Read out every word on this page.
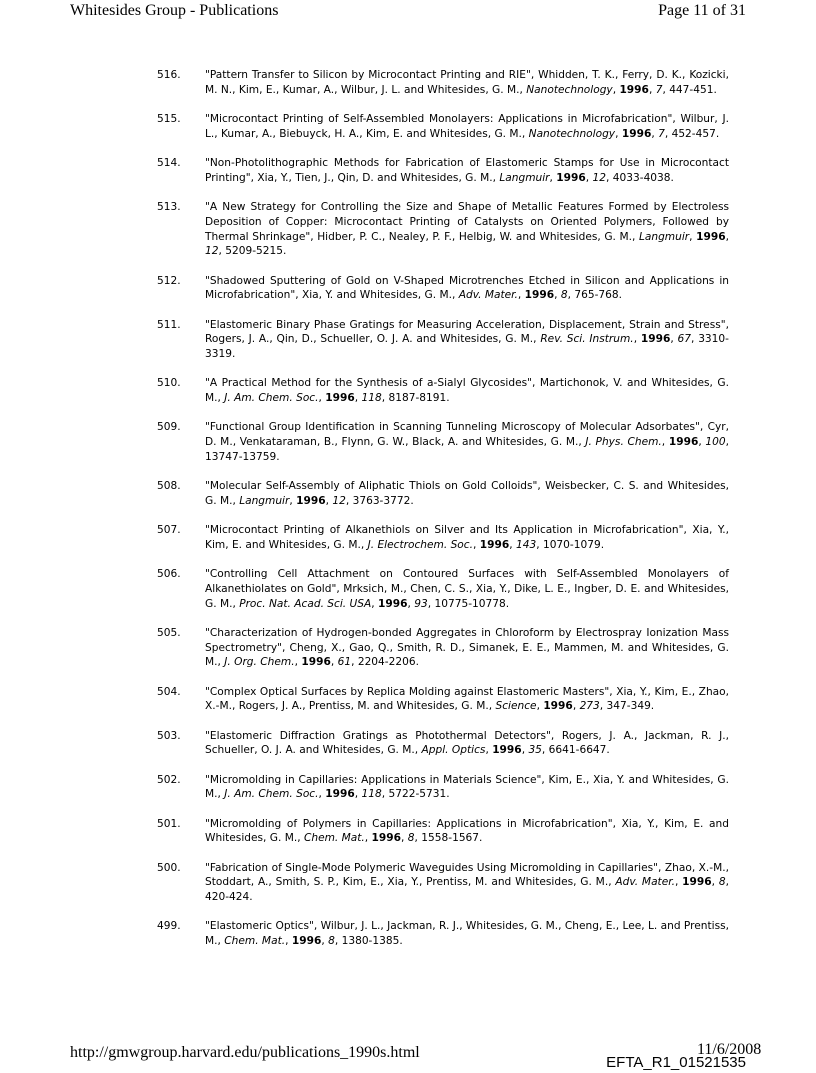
Whitesides Group - Publications	Page 11 of 31
516.	"Pattern Transfer to Silicon by Microcontact Printing and RIE", Whidden, T. K., Ferry, D. K., Kozicki, M. N., Kim, E., Kumar, A., Wilbur, J. L. and Whitesides, G. M., Nanotechnology, 1996, 7, 447-451.
515.	"Microcontact Printing of Self-Assembled Monolayers: Applications in Microfabrication", Wilbur, J. L., Kumar, A., Biebuyck, H. A., Kim, E. and Whitesides, G. M., Nanotechnology, 1996, 7, 452-457.
514.	"Non-Photolithographic Methods for Fabrication of Elastomeric Stamps for Use in Microcontact Printing", Xia, Y., Tien, J., Qin, D. and Whitesides, G. M., Langmuir, 1996, 12, 4033-4038.
513.	"A New Strategy for Controlling the Size and Shape of Metallic Features Formed by Electroless Deposition of Copper: Microcontact Printing of Catalysts on Oriented Polymers, Followed by Thermal Shrinkage", Hidber, P. C., Nealey, P. F., Helbig, W. and Whitesides, G. M., Langmuir, 1996, 12, 5209-5215.
512.	"Shadowed Sputtering of Gold on V-Shaped Microtrenches Etched in Silicon and Applications in Microfabrication", Xia, Y. and Whitesides, G. M., Adv. Mater., 1996, 8, 765-768.
511.	"Elastomeric Binary Phase Gratings for Measuring Acceleration, Displacement, Strain and Stress", Rogers, J. A., Qin, D., Schueller, O. J. A. and Whitesides, G. M., Rev. Sci. Instrum., 1996, 67, 3310-3319.
510.	"A Practical Method for the Synthesis of a-Sialyl Glycosides", Martichonok, V. and Whitesides, G. M., J. Am. Chem. Soc., 1996, 118, 8187-8191.
509.	"Functional Group Identification in Scanning Tunneling Microscopy of Molecular Adsorbates", Cyr, D. M., Venkataraman, B., Flynn, G. W., Black, A. and Whitesides, G. M., J. Phys. Chem., 1996, 100, 13747-13759.
508.	"Molecular Self-Assembly of Aliphatic Thiols on Gold Colloids", Weisbecker, C. S. and Whitesides, G. M., Langmuir, 1996, 12, 3763-3772.
507.	"Microcontact Printing of Alkanethiols on Silver and Its Application in Microfabrication", Xia, Y., Kim, E. and Whitesides, G. M., J. Electrochem. Soc., 1996, 143, 1070-1079.
506.	"Controlling Cell Attachment on Contoured Surfaces with Self-Assembled Monolayers of Alkanethiolates on Gold", Mrksich, M., Chen, C. S., Xia, Y., Dike, L. E., Ingber, D. E. and Whitesides, G. M., Proc. Nat. Acad. Sci. USA, 1996, 93, 10775-10778.
505.	"Characterization of Hydrogen-bonded Aggregates in Chloroform by Electrospray Ionization Mass Spectrometry", Cheng, X., Gao, Q., Smith, R. D., Simanek, E. E., Mammen, M. and Whitesides, G. M., J. Org. Chem., 1996, 61, 2204-2206.
504.	"Complex Optical Surfaces by Replica Molding against Elastomeric Masters", Xia, Y., Kim, E., Zhao, X.-M., Rogers, J. A., Prentiss, M. and Whitesides, G. M., Science, 1996, 273, 347-349.
503.	"Elastomeric Diffraction Gratings as Photothermal Detectors", Rogers, J. A., Jackman, R. J., Schueller, O. J. A. and Whitesides, G. M., Appl. Optics, 1996, 35, 6641-6647.
502.	"Micromolding in Capillaries: Applications in Materials Science", Kim, E., Xia, Y. and Whitesides, G. M., J. Am. Chem. Soc., 1996, 118, 5722-5731.
501.	"Micromolding of Polymers in Capillaries: Applications in Microfabrication", Xia, Y., Kim, E. and Whitesides, G. M., Chem. Mat., 1996, 8, 1558-1567.
500.	"Fabrication of Single-Mode Polymeric Waveguides Using Micromolding in Capillaries", Zhao, X.-M., Stoddart, A., Smith, S. P., Kim, E., Xia, Y., Prentiss, M. and Whitesides, G. M., Adv. Mater., 1996, 8, 420-424.
499.	"Elastomeric Optics", Wilbur, J. L., Jackman, R. J., Whitesides, G. M., Cheng, E., Lee, L. and Prentiss, M., Chem. Mat., 1996, 8, 1380-1385.
http://gmwgroup.harvard.edu/publications_1990s.html	11/6/2008
EFTA_R1_01521535
